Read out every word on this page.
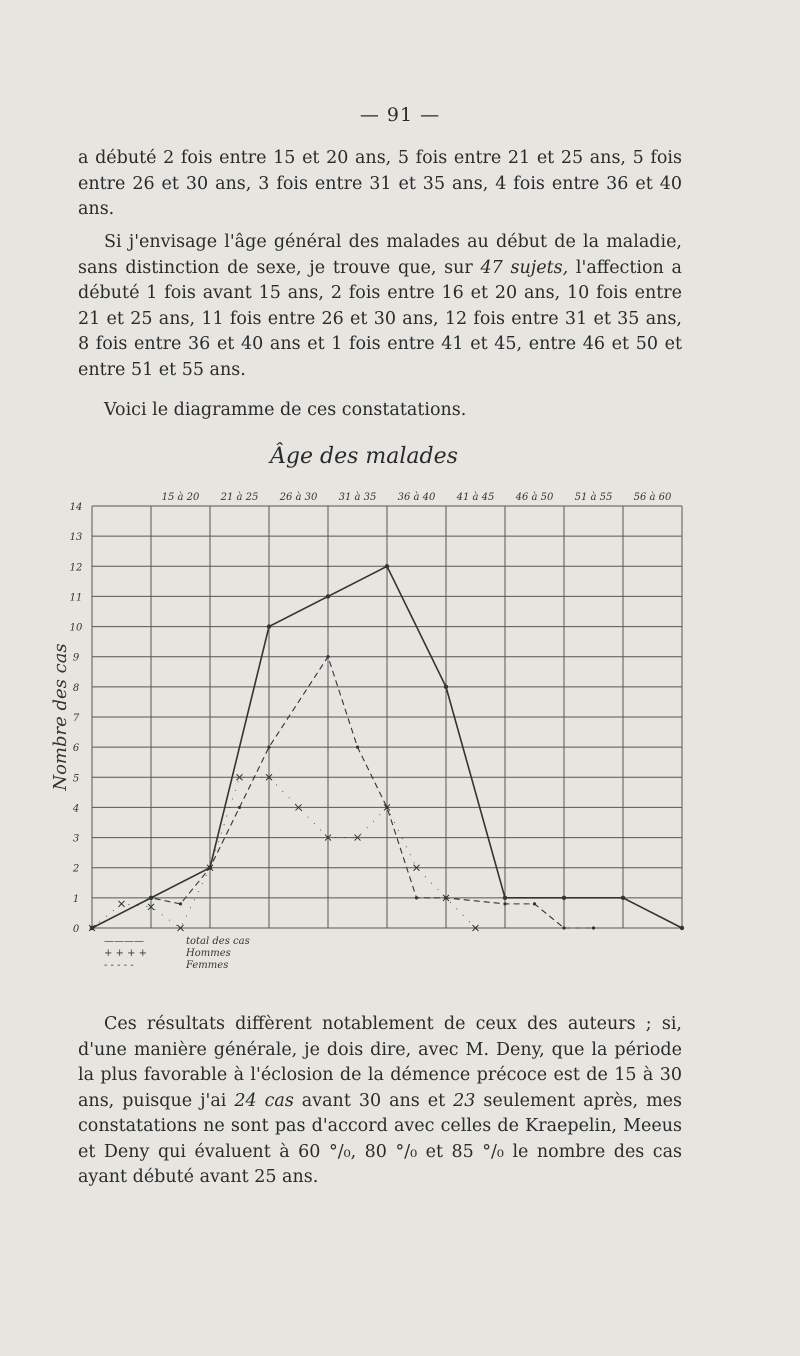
— 91 —

a débuté 2 fois entre 15 et 20 ans, 5 fois entre 21 et 25 ans, 5 fois entre 26 et 30 ans, 3 fois entre 31 et 35 ans, 4 fois entre 36 et 40 ans.

Si j'envisage l'âge général des malades au début de la maladie, sans distinction de sexe, je trouve que, sur 47 sujets, l'affection a débuté 1 fois avant 15 ans, 2 fois entre 16 et 20 ans, 10 fois entre 21 et 25 ans, 11 fois entre 26 et 30 ans, 12 fois entre 31 et 35 ans, 8 fois entre 36 et 40 ans et 1 fois entre 41 et 45, entre 46 et 50 et entre 51 et 55 ans.

Voici le diagramme de ces constatations.

Âge des malades
15 à 20 21 à 25 26 à 30 31 à 35 36 à 40 41 à 45 46 à 50 51 à 55 56 à 60
0
1
2
3
4
5
6
7
8
9
10
11
12
13
14
Nombre des cas
————	total des cas
+ + + +	Hommes
- - - - -	Femmes

Ces résultats diffèrent notablement de ceux des auteurs ; si, d'une manière générale, je dois dire, avec M. Deny, que la période la plus favorable à l'éclosion de la démence précoce est de 15 à 30 ans, puisque j'ai 24 cas avant 30 ans et 23 seulement après, mes constatations ne sont pas d'accord avec celles de Kraepelin, Meeus et Deny qui évaluent à 60 °/₀, 80 °/₀ et 85 °/₀ le nombre des cas ayant débuté avant 25 ans.
